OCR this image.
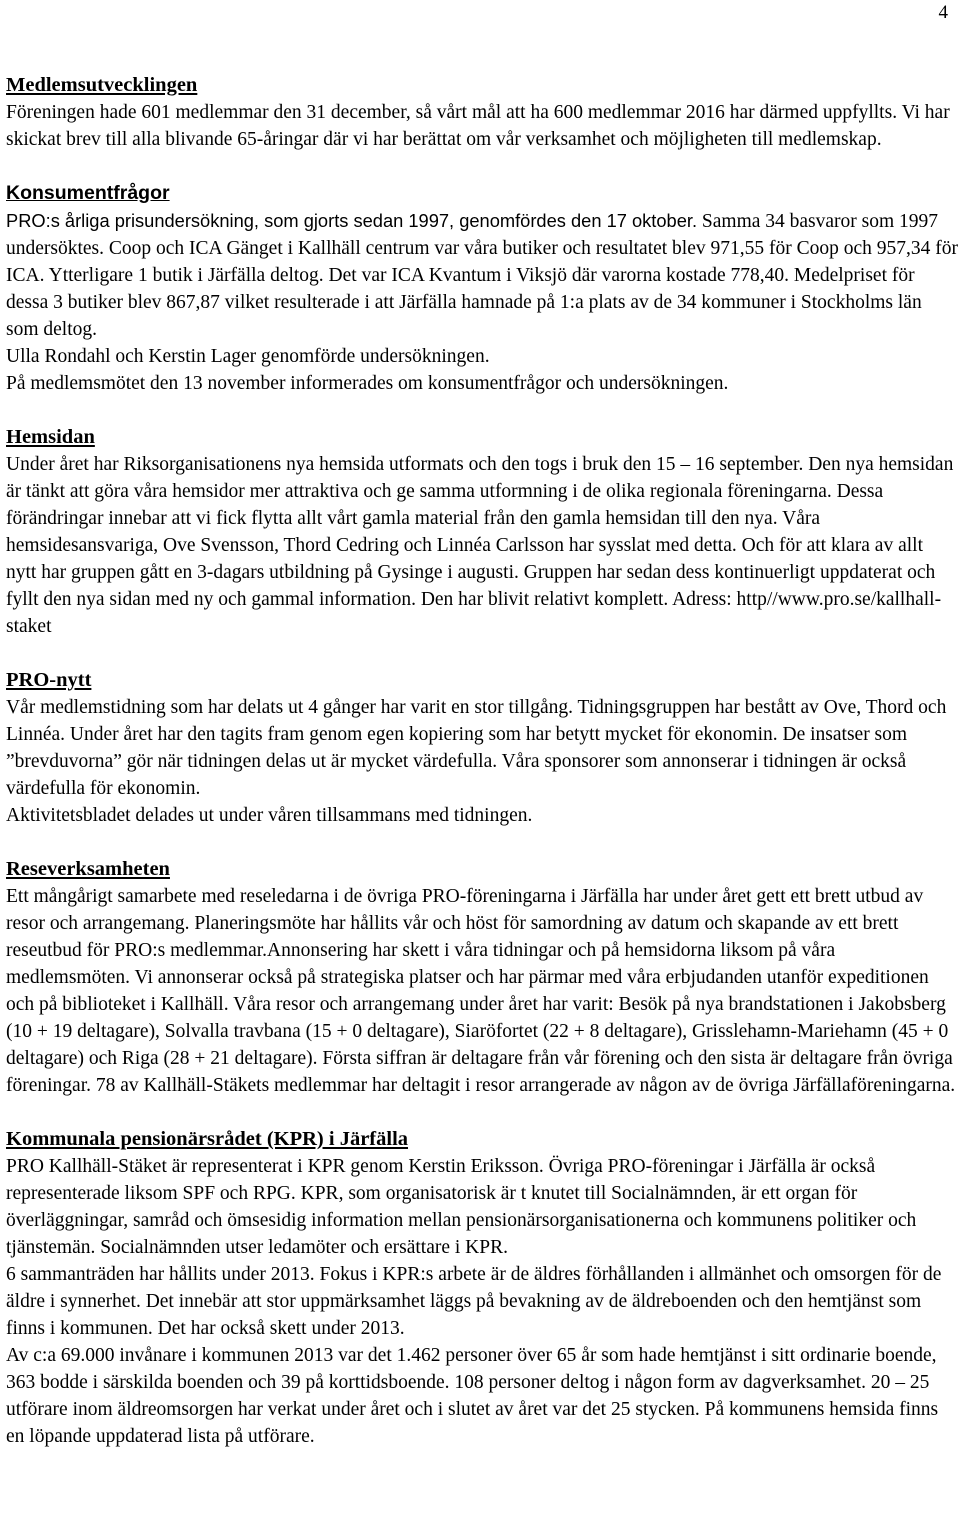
4
Medlemsutvecklingen

Föreningen hade 601 medlemmar den 31 december, så vårt mål att ha 600 medlemmar 2016 har därmed uppfyllts. Vi har skickat brev till alla blivande 65-åringar där vi har berättat om vår verksamhet och möjligheten till medlemskap.

Konsumentfrågor

PRO:s årliga prisundersökning, som gjorts sedan 1997, genomfördes den 17 oktober. Samma 34 basvaror som 1997 undersöktes. Coop och ICA Gänget i Kallhäll centrum var våra butiker och resultatet blev 971,55 för Coop och 957,34 för ICA. Ytterligare 1 butik i Järfälla deltog. Det var ICA Kvantum i Viksjö där varorna kostade 778,40. Medelpriset för dessa 3 butiker blev 867,87 vilket resulterade i att Järfälla hamnade på 1:a plats av de 34 kommuner i Stockholms län som deltog.

Ulla Rondahl och Kerstin Lager genomförde undersökningen.

På medlemsmötet den 13 november informerades om konsumentfrågor och undersökningen.

Hemsidan

Under året har Riksorganisationens nya hemsida utformats och den togs i bruk den 15 – 16 september. Den nya hemsidan är tänkt att göra våra hemsidor mer attraktiva och ge samma utformning i de olika regionala föreningarna. Dessa förändringar innebar att vi fick flytta allt vårt gamla material från den gamla hemsidan till den nya. Våra hemsidesansvariga, Ove Svensson, Thord Cedring och Linnéa Carlsson har sysslat med detta. Och för att klara av allt nytt har gruppen gått en 3-dagars utbildning på Gysinge i augusti. Gruppen har sedan dess kontinuerligt uppdaterat och fyllt den nya sidan med ny och gammal information. Den har blivit relativt komplett. Adress: http//www.pro.se/kallhall-staket

PRO-nytt

Vår medlemstidning som har delats ut 4 gånger har varit en stor tillgång. Tidningsgruppen har bestått av Ove, Thord och Linnéa. Under året har den tagits fram genom egen kopiering som har betytt mycket för ekonomin. De insatser som ”brevduvorna” gör när tidningen delas ut är mycket värdefulla. Våra sponsorer som annonserar i tidningen är också värdefulla för ekonomin.

Aktivitetsbladet delades ut under våren tillsammans med tidningen.

Reseverksamheten

Ett mångårigt samarbete med reseledarna i de övriga PRO-föreningarna i Järfälla har under året gett ett brett utbud av resor och arrangemang. Planeringsmöte har hållits vår och höst för samordning av datum och skapande av ett brett reseutbud för PRO:s medlemmar.Annonsering har skett i våra tidningar och på hemsidorna liksom på våra medlemsmöten. Vi annonserar också på strategiska platser och har pärmar med våra erbjudanden utanför expeditionen och på biblioteket i Kallhäll. Våra resor och arrangemang under året har varit: Besök på nya brandstationen i Jakobsberg (10 + 19 deltagare), Solvalla travbana (15 + 0 deltagare), Siaröfortet (22 + 8 deltagare), Grisslehamn-Mariehamn (45 + 0 deltagare) och Riga (28 + 21 deltagare). Första siffran är deltagare från vår förening och den sista är deltagare från övriga föreningar. 78 av Kallhäll-Stäkets medlemmar har deltagit i resor arrangerade av någon av de övriga Järfällaföreningarna.

Kommunala pensionärsrådet (KPR) i Järfälla

PRO Kallhäll-Stäket är representerat i KPR genom Kerstin Eriksson. Övriga PRO-föreningar i Järfälla är också representerade liksom SPF och RPG. KPR, som organisatorisk är t knutet till Socialnämnden, är ett organ för överläggningar, samråd och ömsesidig information mellan pensionärsorganisationerna och kommunens politiker och tjänstemän. Socialnämnden utser ledamöter och ersättare i KPR.

6 sammanträden har hållits under 2013. Fokus i KPR:s arbete är de äldres förhållanden i allmänhet och omsorgen för de äldre i synnerhet. Det innebär att stor uppmärksamhet läggs på bevakning av de äldreboenden och den hemtjänst som finns i kommunen. Det har också skett under 2013.

Av c:a 69.000 invånare i kommunen 2013 var det 1.462 personer över 65 år som hade hemtjänst i sitt ordinarie boende, 363 bodde i särskilda boenden och 39 på korttidsboende. 108 personer deltog i någon form av dagverksamhet. 20 – 25 utförare inom äldreomsorgen har verkat under året och i slutet av året var det 25 stycken. På kommunens hemsida finns en löpande uppdaterad lista på utförare.
